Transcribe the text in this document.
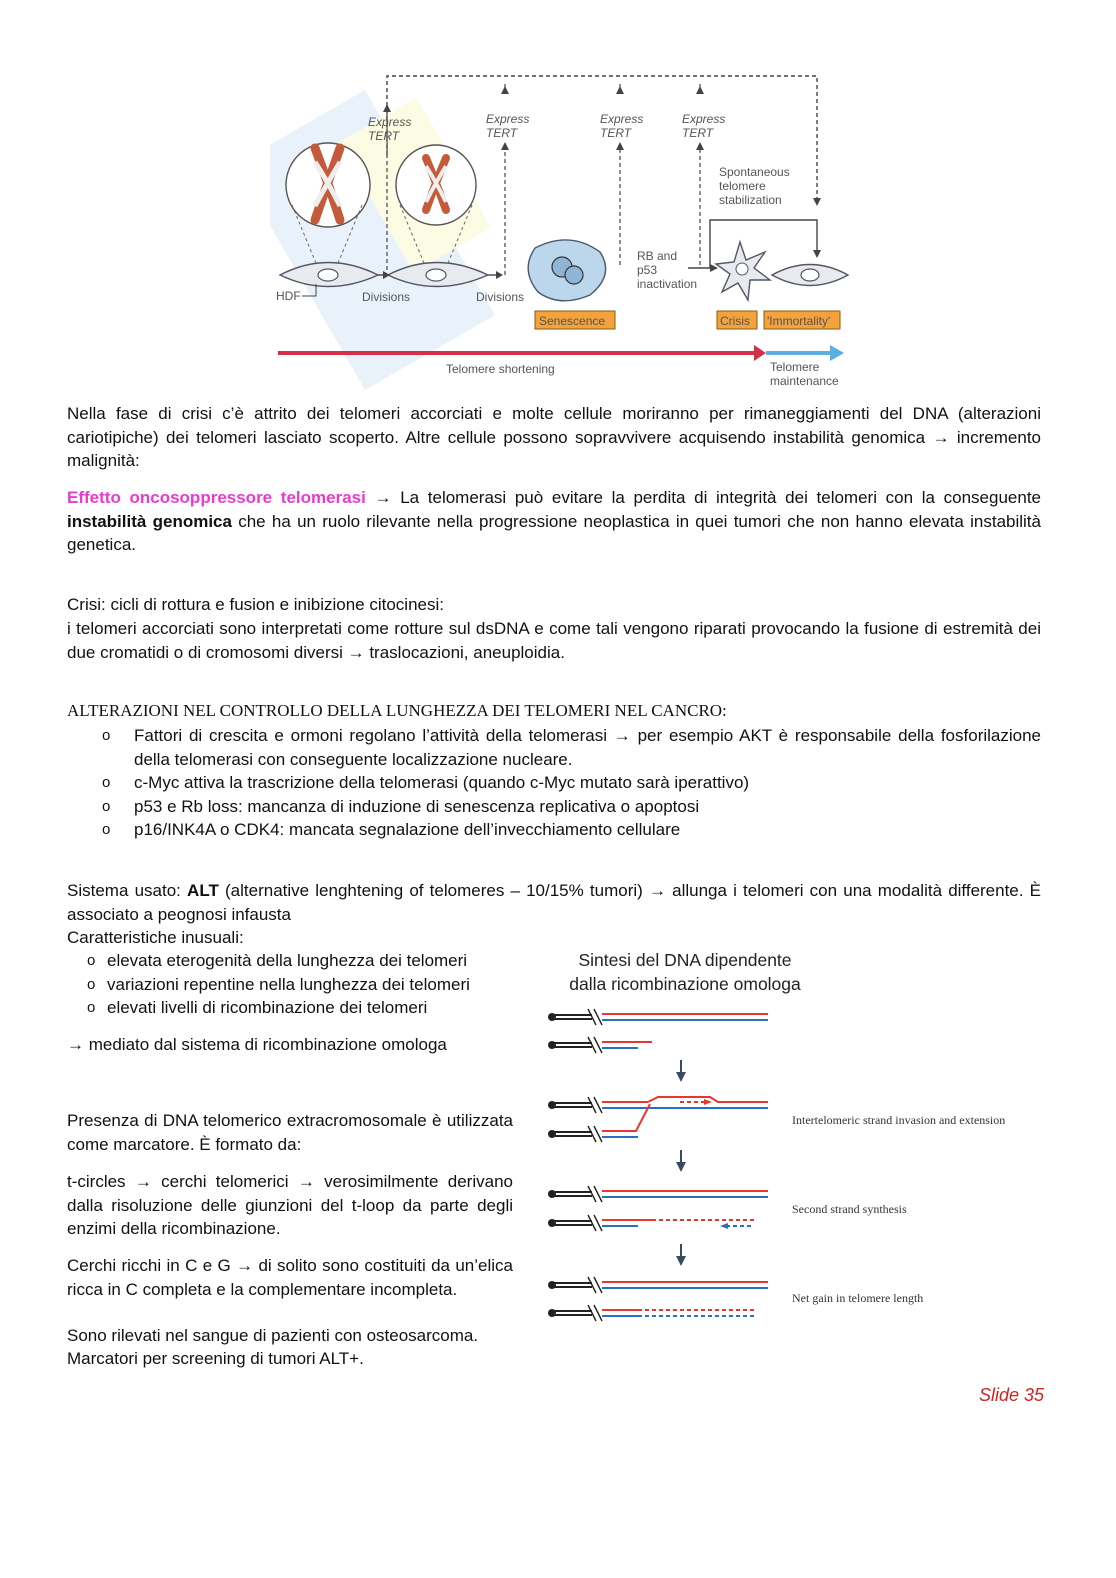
Express
TERT
Express
TERT
Express
TERT
Express
TERT
Spontaneous
telomere
stabilization
RB and
p53
inactivation
HDF	Divisions	Divisions
Senescence	Crisis 'Immortality'
Telomere shortening	Telomere
maintenance

Nella fase di crisi c’è attrito dei telomeri accorciati e molte cellule moriranno per rimaneggiamenti del DNA (alterazioni cariotipiche) dei telomeri lasciato scoperto. Altre cellule possono sopravvivere acquisendo instabilità genomica → incremento malignità:

Effetto oncosoppressore telomerasi → La telomerasi può evitare la perdita di integrità dei telomeri con la conseguente instabilità genomica che ha un ruolo rilevante nella progressione neoplastica in quei tumori che non hanno elevata instabilità genetica.

Crisi: cicli di rottura e fusion e inibizione citocinesi:

i telomeri accorciati sono interpretati come rotture sul dsDNA e come tali vengono riparati provocando la fusione di estremità dei due cromatidi o di cromosomi diversi → traslocazioni, aneuploidia.

ALTERAZIONI NEL CONTROLLO DELLA LUNGHEZZA DEI TELOMERI NEL CANCRO:

o Fattori di crescita e ormoni regolano l’attività della telomerasi → per esempio AKT è responsabile della fosforilazione della telomerasi con conseguente localizzazione nucleare.
o c-Myc attiva la trascrizione della telomerasi (quando c-Myc mutato sarà iperattivo)
o p53 e Rb loss: mancanza di induzione di senescenza replicativa o apoptosi
o p16/INK4A o CDK4: mancata segnalazione dell’invecchiamento cellulare

Sistema usato: ALT (alternative lenghtening of telomeres – 10/15% tumori) → allunga i telomeri con una modalità differente. È associato a peognosi infausta

Caratteristiche inusuali:

o elevata eterogenità della lunghezza dei telomeri
o variazioni repentine nella lunghezza dei telomeri
o elevati livelli di ricombinazione dei telomeri

→ mediato dal sistema di ricombinazione omologa

Presenza di DNA telomerico extracromosomale è utilizzata come marcatore. È formato da:

t-circles → cerchi telomerici → verosimilmente derivano dalla risoluzione delle giunzioni del t-loop da parte degli enzimi della ricombinazione.

Cerchi ricchi in C e G → di solito sono costituiti da un’elica ricca in C completa e la complementare incompleta.

Sono rilevati nel sangue di pazienti con osteosarcoma.

Marcatori per screening di tumori ALT+.

Sintesi del DNA dipendente
dalla ricombinazione omologa
Intertelomeric strand invasion and extension
Second strand synthesis
Net gain in telomere length
Slide 35
